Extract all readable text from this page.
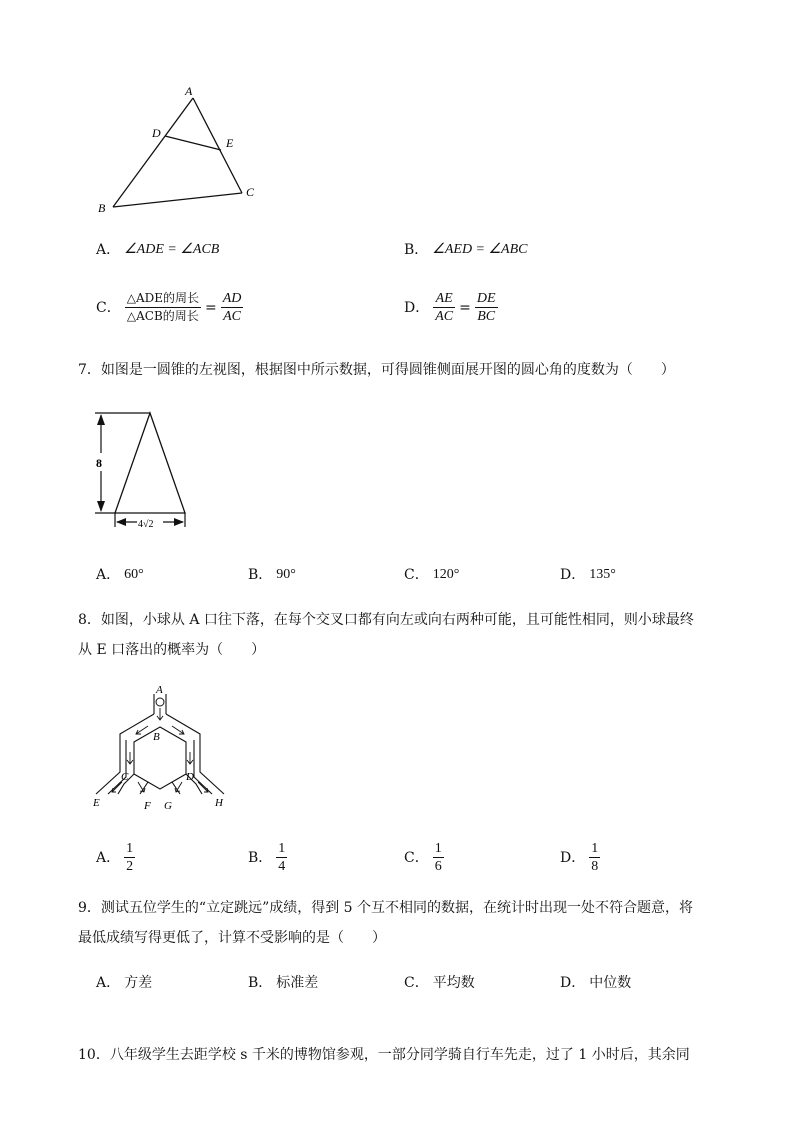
A
D
E
C
B
A． ∠ADE = ∠ACB	B． ∠AED = ∠ABC
C． $\frac{\text{△ADE的周长}}{\text{△ACB的周长}} = \frac{AD}{AC}$	D． $\frac{AE}{AC} = \frac{DE}{BC}$
7．如图是一圆锥的左视图，根据图中所示数据，可得圆锥侧面展开图的圆心角的度数为（　　）
8
4√2
A． 60°	B． 90°	C． 120°	D． 135°
8．如图，小球从 A 口往下落，在每个交叉口都有向左或向右两种可能，且可能性相同，则小球最终
从 E 口落出的概率为（　　）
A
B
C	D
E	F G	H
A． $\frac{1}{2}$	B． $\frac{1}{4}$	C． $\frac{1}{6}$	D． $\frac{1}{8}$
9．测试五位学生的“立定跳远”成绩，得到 5 个互不相同的数据，在统计时出现一处不符合题意，将
最低成绩写得更低了，计算不受影响的是（　　）
A． 方差	B． 标准差	C． 平均数	D． 中位数
10．八年级学生去距学校 s 千米的博物馆参观，一部分同学骑自行车先走，过了 1 小时后，其余同
